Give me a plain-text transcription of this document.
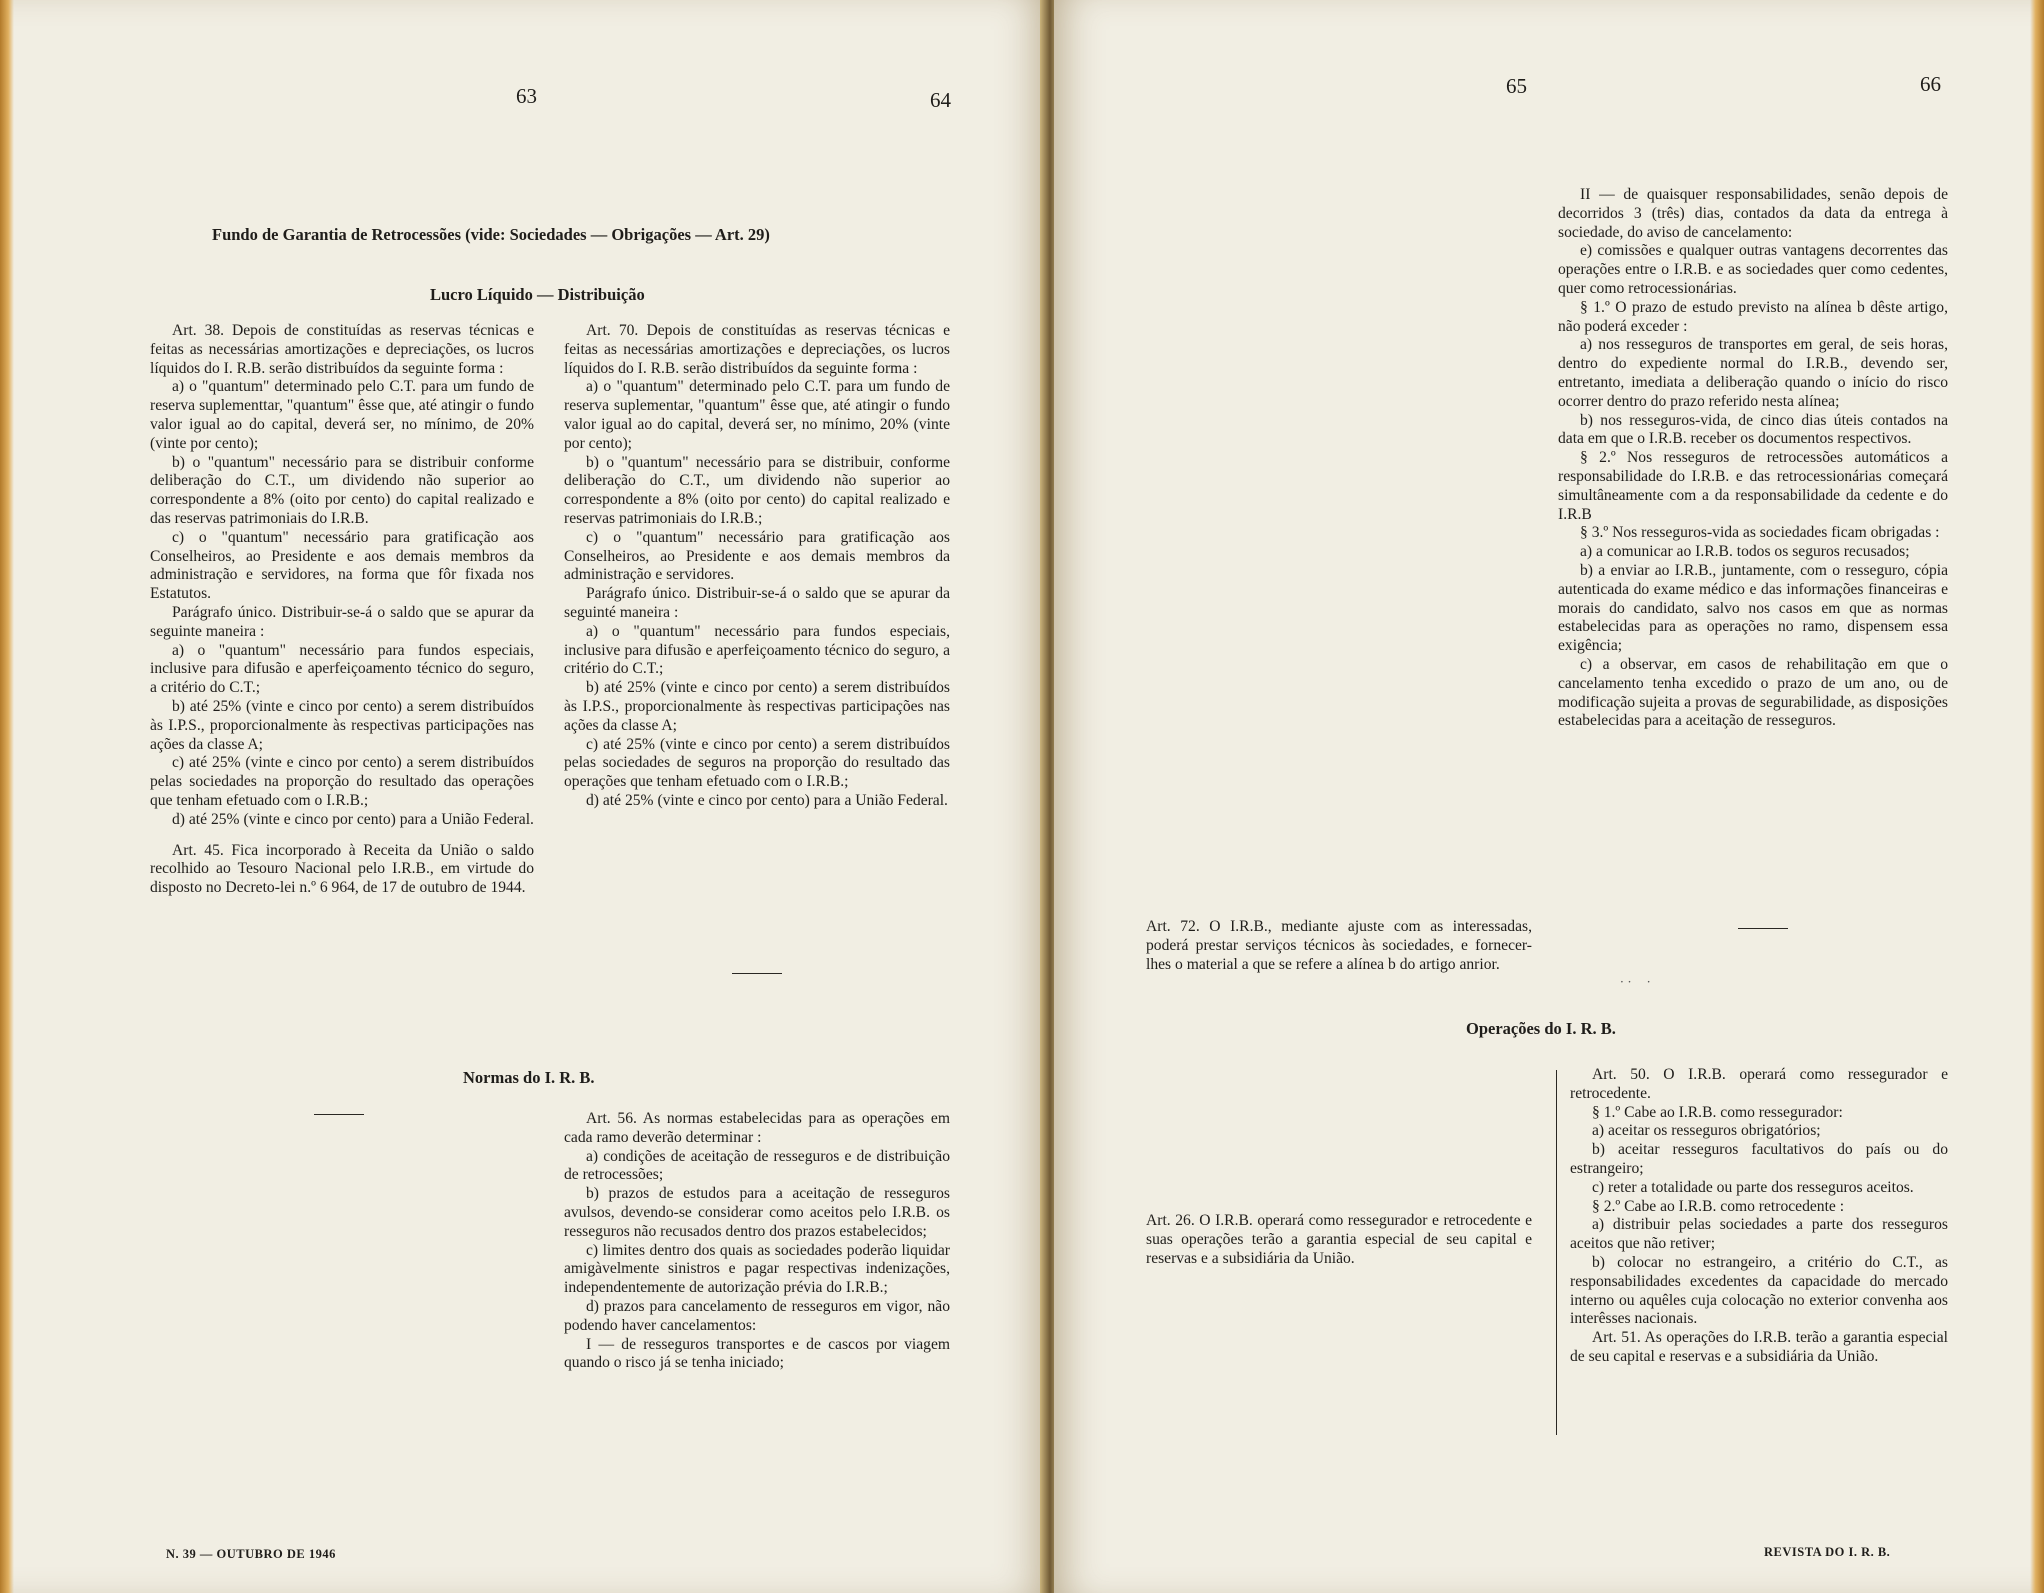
63	64
Fundo de Garantia de Retrocessões (vide: Sociedades — Obrigações — Art. 29)
Lucro Líquido — Distribuição

Art. 38. Depois de constituídas as reservas técnicas e feitas as necessárias amortizações e depreciações, os lucros líquidos do I. R.B. serão distribuídos da seguinte forma :

a) o "quantum" determinado pelo C.T. para um fundo de reserva suplementtar, "quantum" êsse que, até atingir o fundo valor igual ao do capital, deverá ser, no mínimo, de 20% (vinte por cento);

b) o "quantum" necessário para se distribuir conforme deliberação do C.T., um dividendo não superior ao correspondente a 8% (oito por cento) do capital realizado e das reservas patrimoniais do I.R.B.

c) o "quantum" necessário para gratificação aos Conselheiros, ao Presidente e aos demais membros da administração e servidores, na forma que fôr fixada nos Estatutos.

Parágrafo único. Distribuir-se-á o saldo que se apurar da seguinte maneira :

a) o "quantum" necessário para fundos especiais, inclusive para difusão e aperfeiçoamento técnico do seguro, a critério do C.T.;

b) até 25% (vinte e cinco por cento) a serem distribuídos às I.P.S., proporcionalmente às respectivas participações nas ações da classe A;

c) até 25% (vinte e cinco por cento) a serem distribuídos pelas sociedades na proporção do resultado das operações que tenham efetuado com o I.R.B.;

d) até 25% (vinte e cinco por cento) para a União Federal.

Art. 45. Fica incorporado à Receita da União o saldo recolhido ao Tesouro Nacional pelo I.R.B., em virtude do disposto no Decreto-lei n.º 6 964, de 17 de outubro de 1944.

Art. 70. Depois de constituídas as reservas técnicas e feitas as necessárias amortizações e depreciações, os lucros líquidos do I. R.B. serão distribuídos da seguinte forma :

a) o "quantum" determinado pelo C.T. para um fundo de reserva suplementar, "quantum" êsse que, até atingir o fundo valor igual ao do capital, deverá ser, no mínimo, 20% (vinte por cento);

b) o "quantum" necessário para se distribuir, conforme deliberação do C.T., um dividendo não superior ao correspondente a 8% (oito por cento) do capital realizado e reservas patrimoniais do I.R.B.;

c) o "quantum" necessário para gratificação aos Conselheiros, ao Presidente e aos demais membros da administração e servidores.

Parágrafo único. Distribuir-se-á o saldo que se apurar da seguinté maneira :

a) o "quantum" necessário para fundos especiais, inclusive para difusão e aperfeiçoamento técnico do seguro, a critério do C.T.;

b) até 25% (vinte e cinco por cento) a serem distribuídos às I.P.S., proporcionalmente às respectivas participações nas ações da classe A;

c) até 25% (vinte e cinco por cento) a serem distribuídos pelas sociedades de seguros na proporção do resultado das operações que tenham efetuado com o I.R.B.;

d) até 25% (vinte e cinco por cento) para a União Federal.

Normas do I. R. B.

Art. 56. As normas estabelecidas para as operações em cada ramo deverão determinar :

a) condições de aceitação de resseguros e de distribuição de retrocessões;

b) prazos de estudos para a aceitação de resseguros avulsos, devendo-se considerar como aceitos pelo I.R.B. os resseguros não recusados dentro dos prazos estabelecidos;

c) limites dentro dos quais as sociedades poderão liquidar amigàvelmente sinistros e pagar respectivas indenizações, independentemente de autorização prévia do I.R.B.;

d) prazos para cancelamento de resseguros em vigor, não podendo haver cancelamentos:

I — de resseguros transportes e de cascos por viagem quando o risco já se tenha iniciado;

N. 39 — OUTUBRO DE 1946
65	66

II — de quaisquer responsabilidades, senão depois de decorridos 3 (três) dias, contados da data da entrega à sociedade, do aviso de cancelamento:

e) comissões e qualquer outras vantagens decorrentes das operações entre o I.R.B. e as sociedades quer como cedentes, quer como retrocessionárias.

§ 1.º O prazo de estudo previsto na alínea b dêste artigo, não poderá exceder :

a) nos resseguros de transportes em geral, de seis horas, dentro do expediente normal do I.R.B., devendo ser, entretanto, imediata a deliberação quando o início do risco ocorrer dentro do prazo referido nesta alínea;

b) nos resseguros-vida, de cinco dias úteis contados na data em que o I.R.B. receber os documentos respectivos.

§ 2.º Nos resseguros de retrocessões automáticos a responsabilidade do I.R.B. e das retrocessionárias começará simultâneamente com a da responsabilidade da cedente e do I.R.B

§ 3.º Nos resseguros-vida as sociedades ficam obrigadas :

a) a comunicar ao I.R.B. todos os seguros recusados;

b) a enviar ao I.R.B., juntamente, com o resseguro, cópia autenticada do exame médico e das informações financeiras e morais do candidato, salvo nos casos em que as normas estabelecidas para as operações no ramo, dispensem essa exigência;

c) a observar, em casos de rehabilitação em que o cancelamento tenha excedido o prazo de um ano, ou de modificação sujeita a provas de segurabilidade, as disposições estabelecidas para a aceitação de resseguros.

Art. 72. O I.R.B., mediante ajuste com as interessadas, poderá prestar serviços técnicos às sociedades, e fornecer-lhes o material a que se refere a alínea b do artigo anrior.
· ·    ·
Operações do I. R. B.
Art. 26. O I.R.B. operará como ressegurador e retrocedente e suas operações terão a garantia especial de seu capital e reservas e a subsidiária da União.

Art. 50. O I.R.B. operará como ressegurador e retrocedente.

§ 1.º Cabe ao I.R.B. como ressegurador:

a) aceitar os resseguros obrigatórios;

b) aceitar resseguros facultativos do país ou do estrangeiro;

c) reter a totalidade ou parte dos resseguros aceitos.

§ 2.º Cabe ao I.R.B. como retrocedente :

a) distribuir pelas sociedades a parte dos resseguros aceitos que não retiver;

b) colocar no estrangeiro, a critério do C.T., as responsabilidades excedentes da capacidade do mercado interno ou aquêles cuja colocação no exterior convenha aos interêsses nacionais.

Art. 51. As operações do I.R.B. terão a garantia especial de seu capital e reservas e a subsidiária da União.

REVISTA DO I. R. B.
